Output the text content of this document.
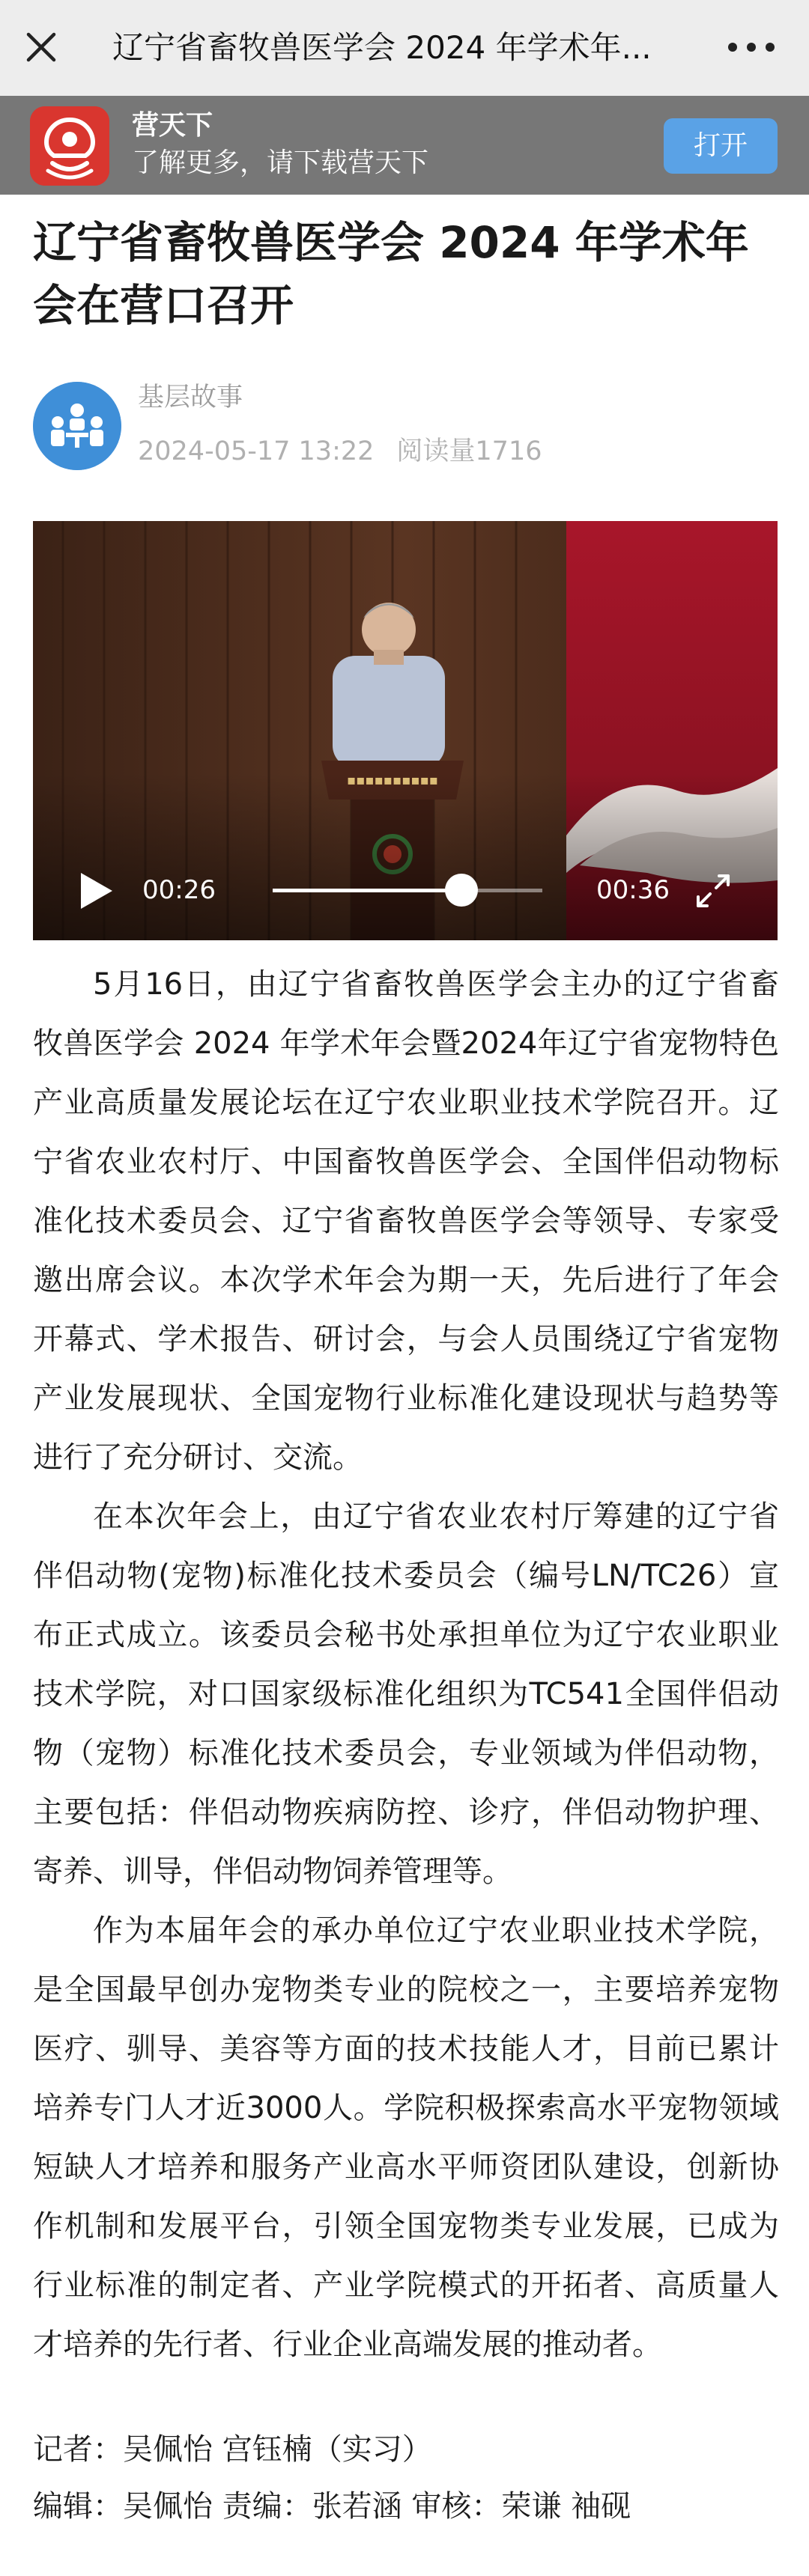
辽宁省畜牧兽医学会 2024 年学术年...
营天下
了解更多，请下载营天下
打开
辽宁省畜牧兽医学会 2024 年学术年会在营口召开
基层故事
2024-05-17 13:22 阅读量1716
00:26	00:36

5月16日，由辽宁省畜牧兽医学会主办的辽宁省畜牧兽医学会 2024 年学术年会暨2024年辽宁省宠物特色产业高质量发展论坛在辽宁农业职业技术学院召开。辽宁省农业农村厅、中国畜牧兽医学会、全国伴侣动物标准化技术委员会、辽宁省畜牧兽医学会等领导、专家受邀出席会议。本次学术年会为期一天，先后进行了年会开幕式、学术报告、研讨会，与会人员围绕辽宁省宠物产业发展现状、全国宠物行业标准化建设现状与趋势等进行了充分研讨、交流。

在本次年会上，由辽宁省农业农村厅筹建的辽宁省伴侣动物(宠物)标准化技术委员会（编号LN/TC26）宣布正式成立。该委员会秘书处承担单位为辽宁农业职业技术学院，对口国家级标准化组织为TC541全国伴侣动物（宠物）标准化技术委员会，专业领域为伴侣动物，主要包括：伴侣动物疾病防控、诊疗，伴侣动物护理、寄养、训导，伴侣动物饲养管理等。

作为本届年会的承办单位辽宁农业职业技术学院，是全国最早创办宠物类专业的院校之一，主要培养宠物医疗、驯导、美容等方面的技术技能人才，目前已累计培养专门人才近3000人。学院积极探索高水平宠物领域短缺人才培养和服务产业高水平师资团队建设，创新协作机制和发展平台，引领全国宠物类专业发展，已成为行业标准的制定者、产业学院模式的开拓者、高质量人才培养的先行者、行业企业高端发展的推动者。

记者：吴佩怡 宫钰楠（实习）
编辑：吴佩怡 责编：张若涵 审核：荣谦 袖砚
